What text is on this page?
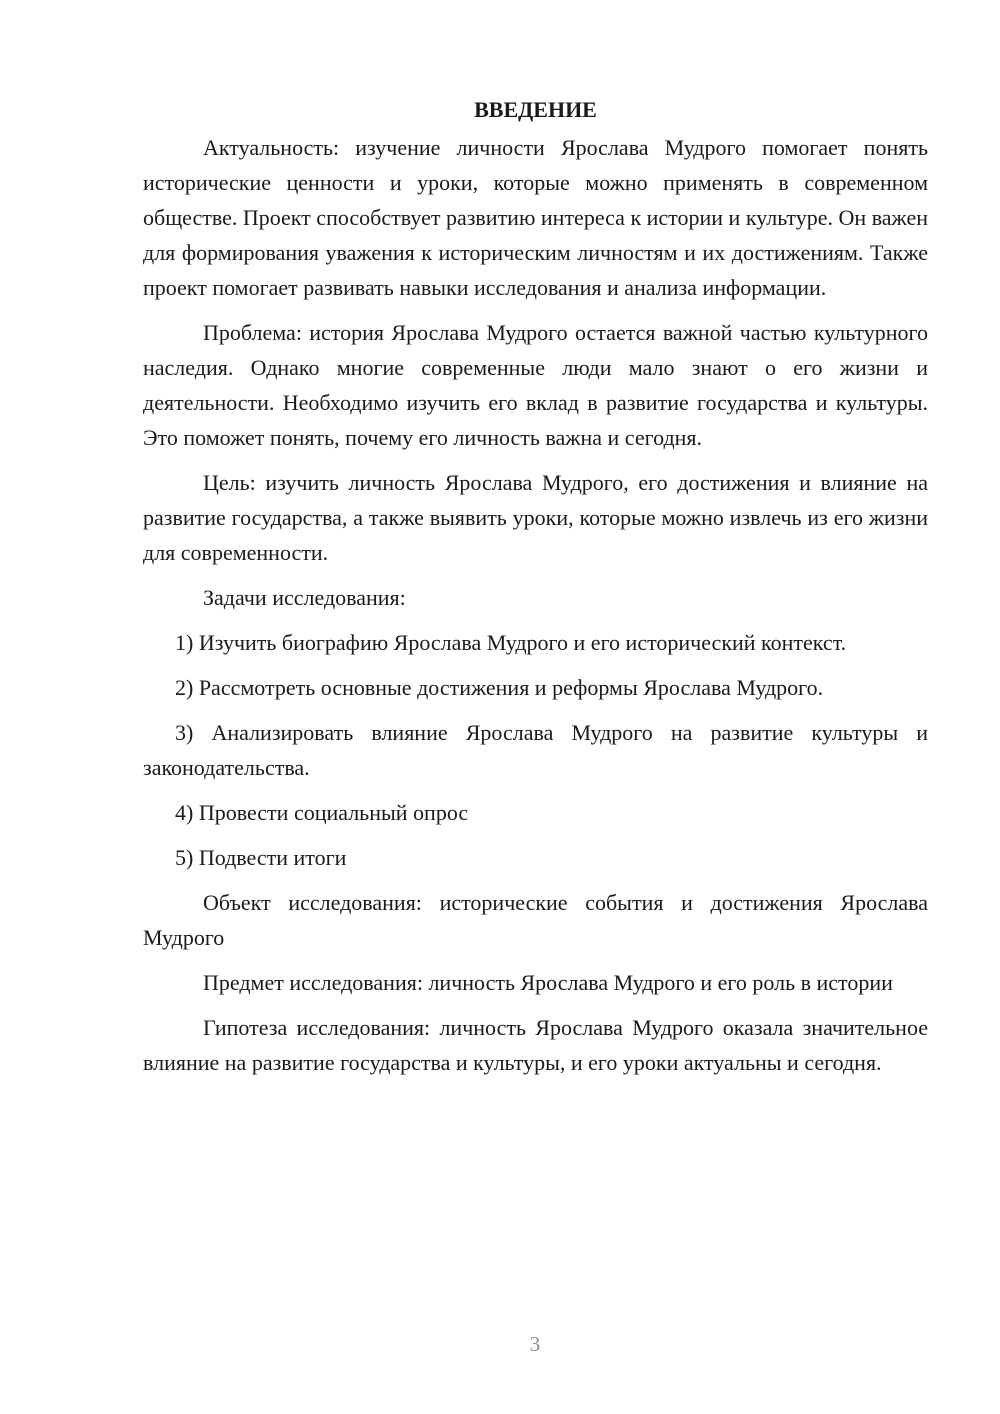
ВВЕДЕНИЕ

Актуальность: изучение личности Ярослава Мудрого помогает понять исторические ценности и уроки, которые можно применять в современном обществе. Проект способствует развитию интереса к истории и культуре. Он важен для формирования уважения к историческим личностям и их достижениям. Также проект помогает развивать навыки исследования и анализа информации.

Проблема: история Ярослава Мудрого остается важной частью культурного наследия. Однако многие современные люди мало знают о его жизни и деятельности. Необходимо изучить его вклад в развитие государства и культуры. Это поможет понять, почему его личность важна и сегодня.

Цель: изучить личность Ярослава Мудрого, его достижения и влияние на развитие государства, а также выявить уроки, которые можно извлечь из его жизни для современности.

Задачи исследования:

1) Изучить биографию Ярослава Мудрого и его исторический контекст.

2) Рассмотреть основные достижения и реформы Ярослава Мудрого.

3) Анализировать влияние Ярослава Мудрого на развитие культуры и законодательства.

4) Провести социальный опрос

5) Подвести итоги

Объект исследования: исторические события и достижения Ярослава Мудрого

Предмет исследования: личность Ярослава Мудрого и его роль в истории

Гипотеза исследования: личность Ярослава Мудрого оказала значительное влияние на развитие государства и культуры, и его уроки актуальны и сегодня.

3
